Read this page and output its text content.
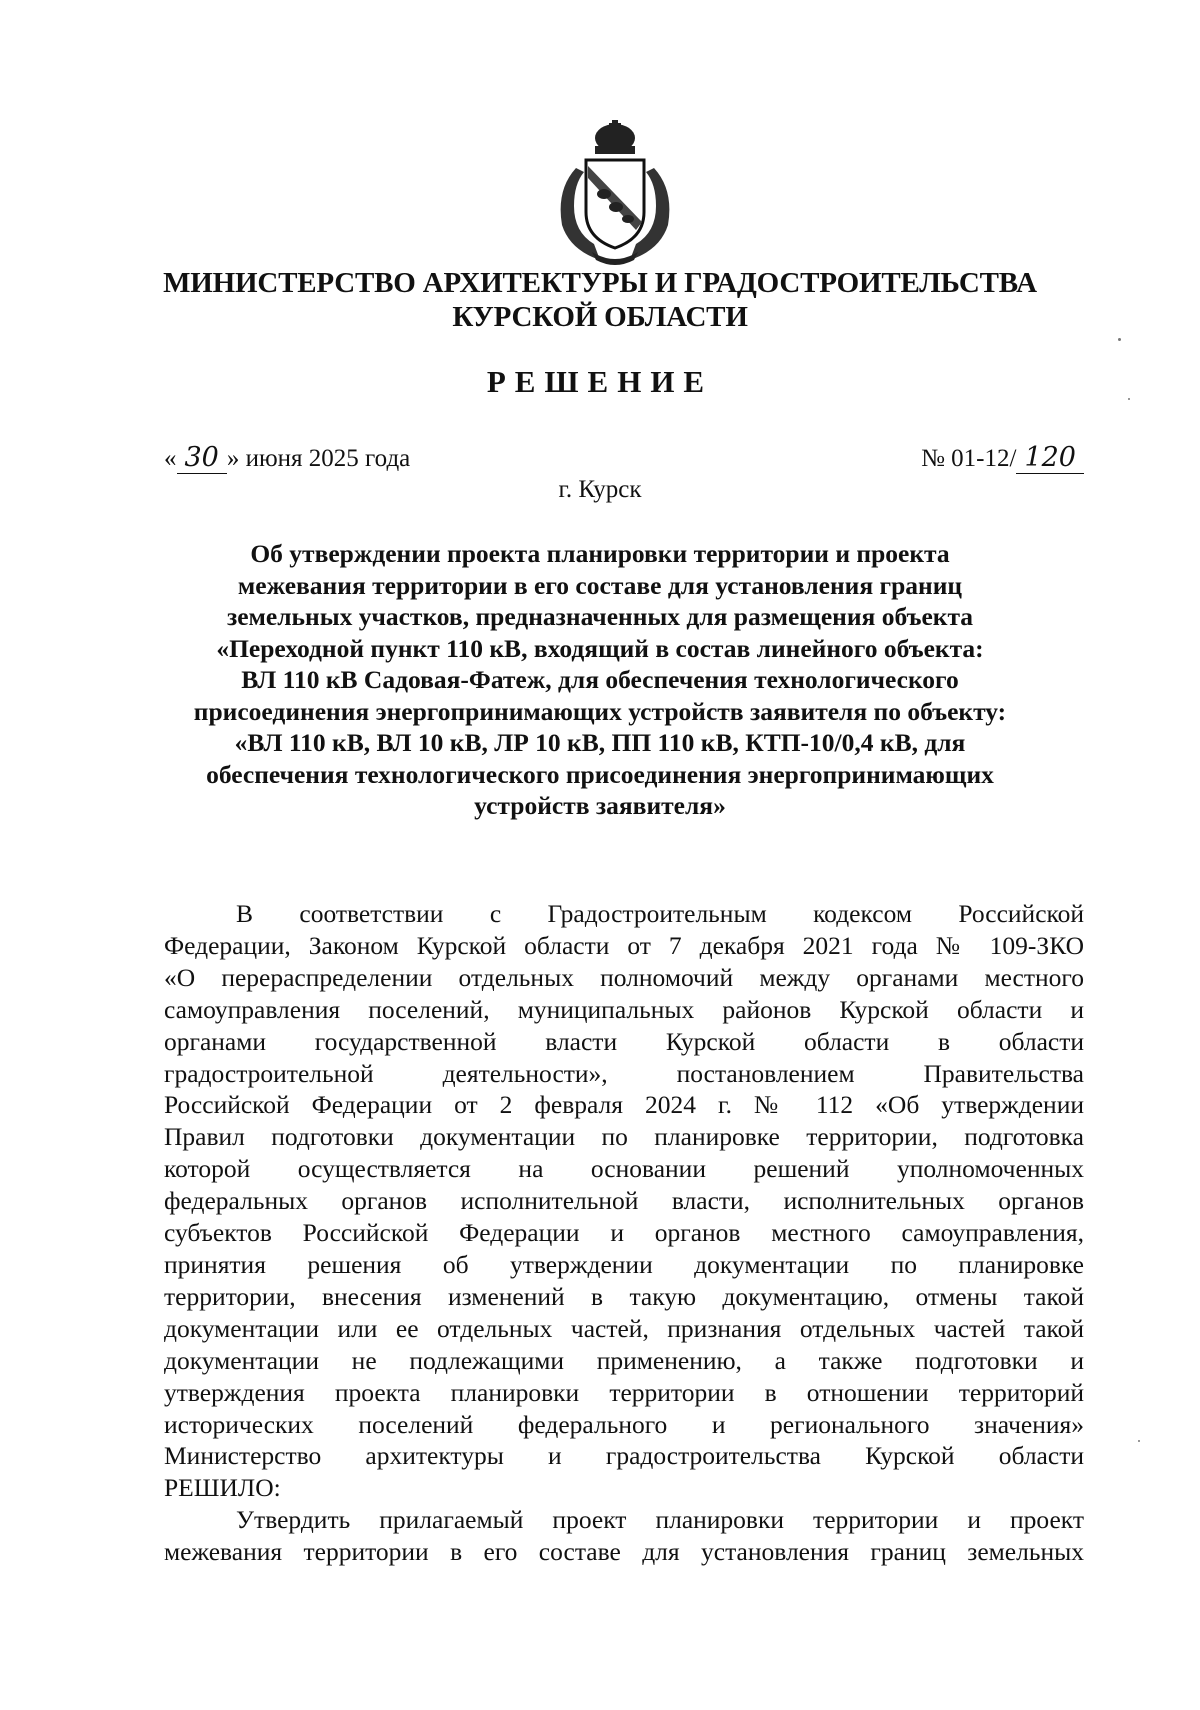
МИНИСТЕРСТВО АРХИТЕКТУРЫ И ГРАДОСТРОИТЕЛЬСТВА
КУРСКОЙ ОБЛАСТИ
РЕШЕНИЕ
« 30 » июня 2025 года	№ 01-12/ 120
г. Курск
Об утверждении проекта планировки территории и проекта
межевания территории в его составе для установления границ
земельных участков, предназначенных для размещения объекта
«Переходной пункт 110 кВ, входящий в состав линейного объекта:
ВЛ 110 кВ Садовая-Фатеж, для обеспечения технологического
присоединения энергопринимающих устройств заявителя по объекту:
«ВЛ 110 кВ, ВЛ 10 кВ, ЛР 10 кВ, ПП 110 кВ, КТП-10/0,4 кВ, для
обеспечения технологического присоединения энергопринимающих
устройств заявителя»
В соответствии с Градостроительным кодексом Российской
Федерации, Законом Курской области от 7 декабря 2021 года № 109-ЗКО
«О перераспределении отдельных полномочий между органами местного
самоуправления поселений, муниципальных районов Курской области и
органами государственной власти Курской области в области
градостроительной деятельности», постановлением Правительства
Российской Федерации от 2 февраля 2024 г. № 112 «Об утверждении
Правил подготовки документации по планировке территории, подготовка
которой осуществляется на основании решений уполномоченных
федеральных органов исполнительной власти, исполнительных органов
субъектов Российской Федерации и органов местного самоуправления,
принятия решения об утверждении документации по планировке
территории, внесения изменений в такую документацию, отмены такой
документации или ее отдельных частей, признания отдельных частей такой
документации не подлежащими применению, а также подготовки и
утверждения проекта планировки территории в отношении территорий
исторических поселений федерального и регионального значения»
Министерство архитектуры и градостроительства Курской области
РЕШИЛО:
Утвердить прилагаемый проект планировки территории и проект
межевания территории в его составе для установления границ земельных
